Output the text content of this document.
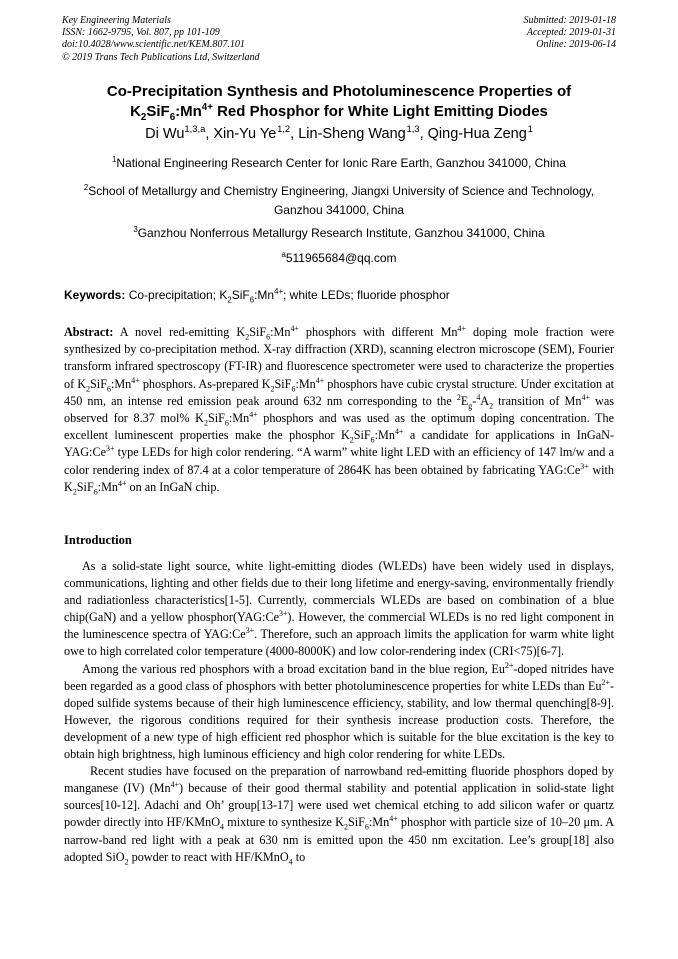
Key Engineering Materials
ISSN: 1662-9795, Vol. 807, pp 101-109
doi:10.4028/www.scientific.net/KEM.807.101
© 2019 Trans Tech Publications Ltd, Switzerland
Submitted: 2019-01-18
Accepted: 2019-01-31
Online: 2019-06-14
Co-Precipitation Synthesis and Photoluminescence Properties of
$K_2SiF_6:Mn^{4+}$ Red Phosphor for White Light Emitting Diodes
Di Wu$^{1,3,a}$, Xin-Yu Ye $^{1,2}$, Lin-Sheng Wang $^{1,3}$, Qing-Hua Zeng $^1$
$^1$National Engineering Research Center for Ionic Rare Earth, Ganzhou 341000, China
$^2$School of Metallurgy and Chemistry Engineering, Jiangxi University of Science and Technology,
Ganzhou 341000, China
$^3$Ganzhou Nonferrous Metallurgy Research Institute, Ganzhou 341000, China
$^a$511965684@qq.com
Keywords: Co-precipitation; $K_2SiF_6:Mn^{4+}$; white LEDs; fluoride phosphor
Abstract: A novel red-emitting $K_2SiF_6:Mn^{4+}$ phosphors with different $Mn^{4+}$ doping mole fraction were synthesized by co-precipitation method. X-ray diffraction (XRD), scanning electron microscope (SEM), Fourier transform infrared spectroscopy (FT-IR) and fluorescence spectrometer were used to characterize the properties of $K_2SiF_6:Mn^{4+}$ phosphors. As-prepared $K_2SiF_6:Mn^{4+}$ phosphors have cubic crystal structure. Under excitation at 450 nm, an intense red emission peak around 632 nm corresponding to the $^2E_g-^4A_2$ transition of $Mn^{4+}$ was observed for 8.37 mol% $K_2SiF_6:Mn^{4+}$ phosphors and was used as the optimum doping concentration. The excellent luminescent properties make the phosphor $K_2SiF_6:Mn^{4+}$ a candidate for applications in InGaN-$YAG:Ce^{3+}$ type LEDs for high color rendering. “A warm” white light LED with an efficiency of 147 lm/w and a color rendering index of 87.4 at a color temperature of 2864K has been obtained by fabricating $YAG:Ce^{3+}$ with $K_2SiF_6:Mn^{4+}$ on an InGaN chip.
Introduction

As a solid-state light source, white light-emitting diodes (WLEDs) have been widely used in displays, communications, lighting and other fields due to their long lifetime and energy-saving, environmentally friendly and radiationless characteristics[1-5]. Currently, commercials WLEDs are based on combination of a blue chip(GaN) and a yellow $phosphor(YAG:Ce^{3+})$. However, the commercial WLEDs is no red light component in the luminescence spectra of $YAG:Ce^{3+}$. Therefore, such an approach limits the application for warm white light owe to high correlated color temperature (4000-8000K) and low color-rendering index (CRI<75)[6-7].

Among the various red phosphors with a broad excitation band in the blue region, $Eu^{2+}$-doped nitrides have been regarded as a good class of phosphors with better photoluminescence properties for white LEDs than $Eu^{2+}$-doped sulfide systems because of their high luminescence efficiency, stability, and low thermal quenching[8-9]. However, the rigorous conditions required for their synthesis increase production costs. Therefore, the development of a new type of high efficient red phosphor which is suitable for the blue excitation is the key to obtain high brightness, high luminous efficiency and high color rendering for white LEDs.

Recent studies have focused on the preparation of narrowband red-emitting fluoride phosphors doped by manganese (IV) $(Mn^{4+})$ because of their good thermal stability and potential application in solid-state light sources[10-12]. Adachi and Oh’ group[13-17] were used wet chemical etching to add silicon wafer or quartz powder directly into HF/KMnO$_4$ mixture to synthesize $K_2SiF_6:Mn^{4+}$ phosphor with particle size of 10–20 μm. A narrow-band red light with a peak at 630 nm is emitted upon the 450 nm excitation. Lee’s group[18] also adopted SiO$_2$ powder to react with HF/KMnO$_4$ to
